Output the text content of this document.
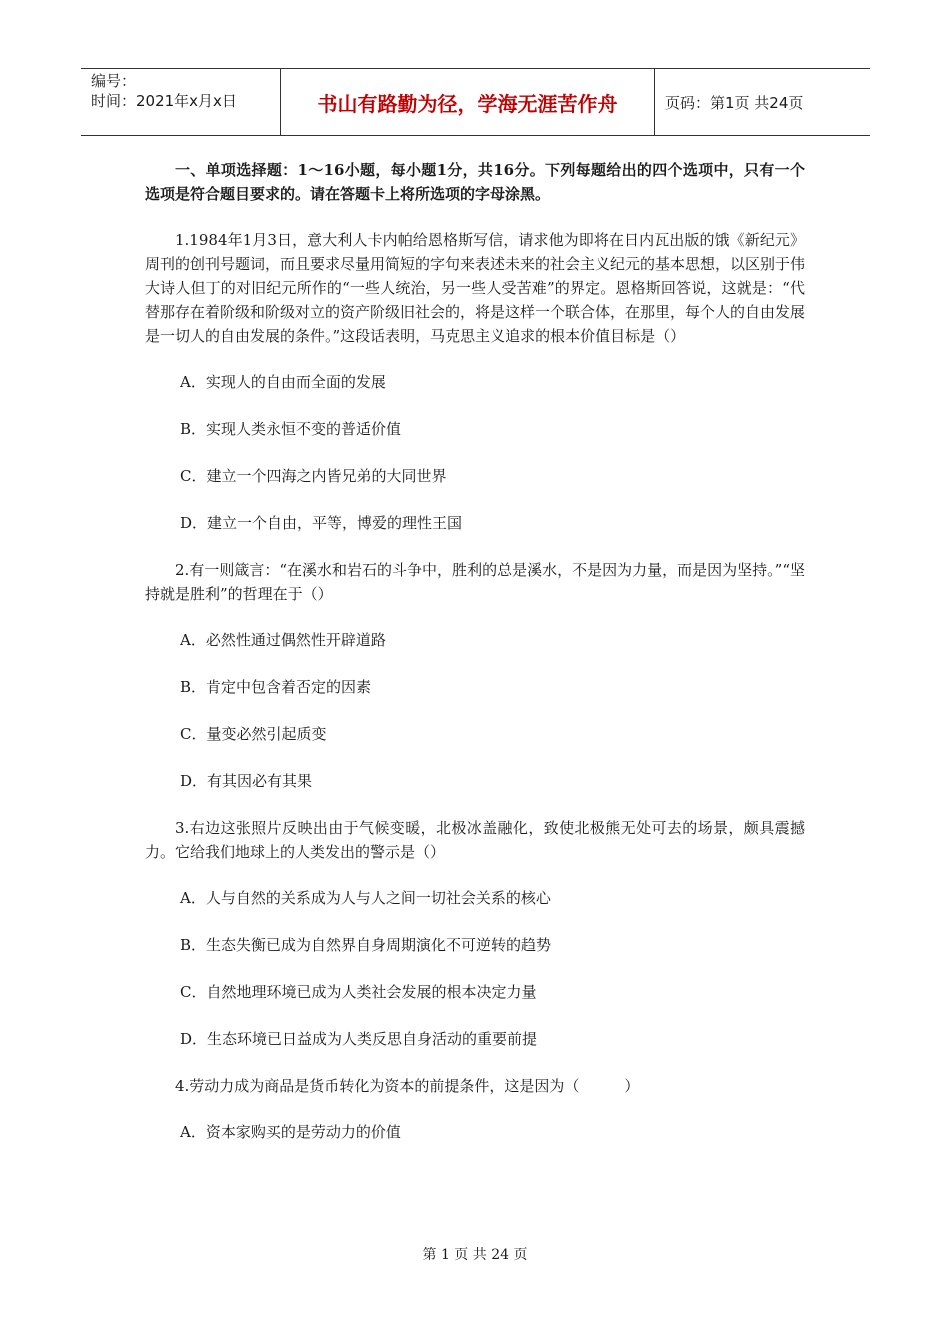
编号：
时间：2021年x月x日	书山有路勤为径，学海无涯苦作舟	页码：第1页 共24页

一、单项选择题：1～16小题，每小题1分，共16分。下列每题给出的四个选项中，只有一个选项是符合题目要求的。请在答题卡上将所选项的字母涂黑。

1.1984年1月3日，意大利人卡内帕给恩格斯写信，请求他为即将在日内瓦出版的饿《新纪元》周刊的创刊号题词，而且要求尽量用简短的字句来表述未来的社会主义纪元的基本思想，以区别于伟大诗人但丁的对旧纪元所作的“一些人统治，另一些人受苦难”的界定。恩格斯回答说，这就是：“代替那存在着阶级和阶级对立的资产阶级旧社会的，将是这样一个联合体，在那里，每个人的自由发展是一切人的自由发展的条件。”这段话表明，马克思主义追求的根本价值目标是（）

A．实现人的自由而全面的发展
B．实现人类永恒不变的普适价值
C．建立一个四海之内皆兄弟的大同世界
D．建立一个自由，平等，博爱的理性王国

2.有一则箴言：“在溪水和岩石的斗争中，胜利的总是溪水，不是因为力量，而是因为坚持。”“坚持就是胜利”的哲理在于（）

A．必然性通过偶然性开辟道路
B．肯定中包含着否定的因素
C．量变必然引起质变
D．有其因必有其果

3.右边这张照片反映出由于气候变暖，北极冰盖融化，致使北极熊无处可去的场景，颇具震撼力。它给我们地球上的人类发出的警示是（）

A．人与自然的关系成为人与人之间一切社会关系的核心
B．生态失衡已成为自然界自身周期演化不可逆转的趋势
C．自然地理环境已成为人类社会发展的根本决定力量
D．生态环境已日益成为人类反思自身活动的重要前提

4.劳动力成为商品是货币转化为资本的前提条件，这是因为（　　　）

A．资本家购买的是劳动力的价值
第 1 页 共 24 页
